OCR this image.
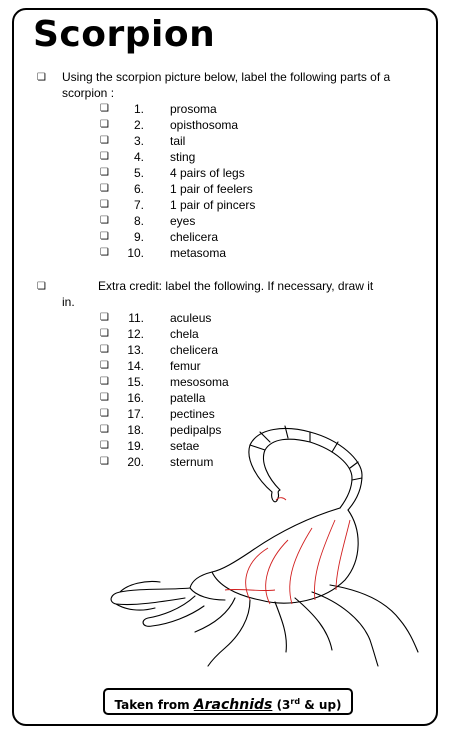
Scorpion
❏ Using the scorpion picture below, label the following parts of a scorpion :
❏	1. prosoma
❏	2. opisthosoma
❏	3. tail
❏	4. sting
❏	5. 4 pairs of legs
❏	6. 1 pair of feelers
❏	7. 1 pair of pincers
❏	8. eyes
❏	9. chelicera
❏	10. metasoma
❏	Extra credit: label the following. If necessary, draw it
in.
❏	11. aculeus
❏	12. chela
❏	13. chelicera
❏	14. femur
❏	15. mesosoma
❏	16. patella
❏	17. pectines
❏	18. pedipalps
❏	19. setae
❏	20. sternum
Taken from Arachnids (3rd & up)
